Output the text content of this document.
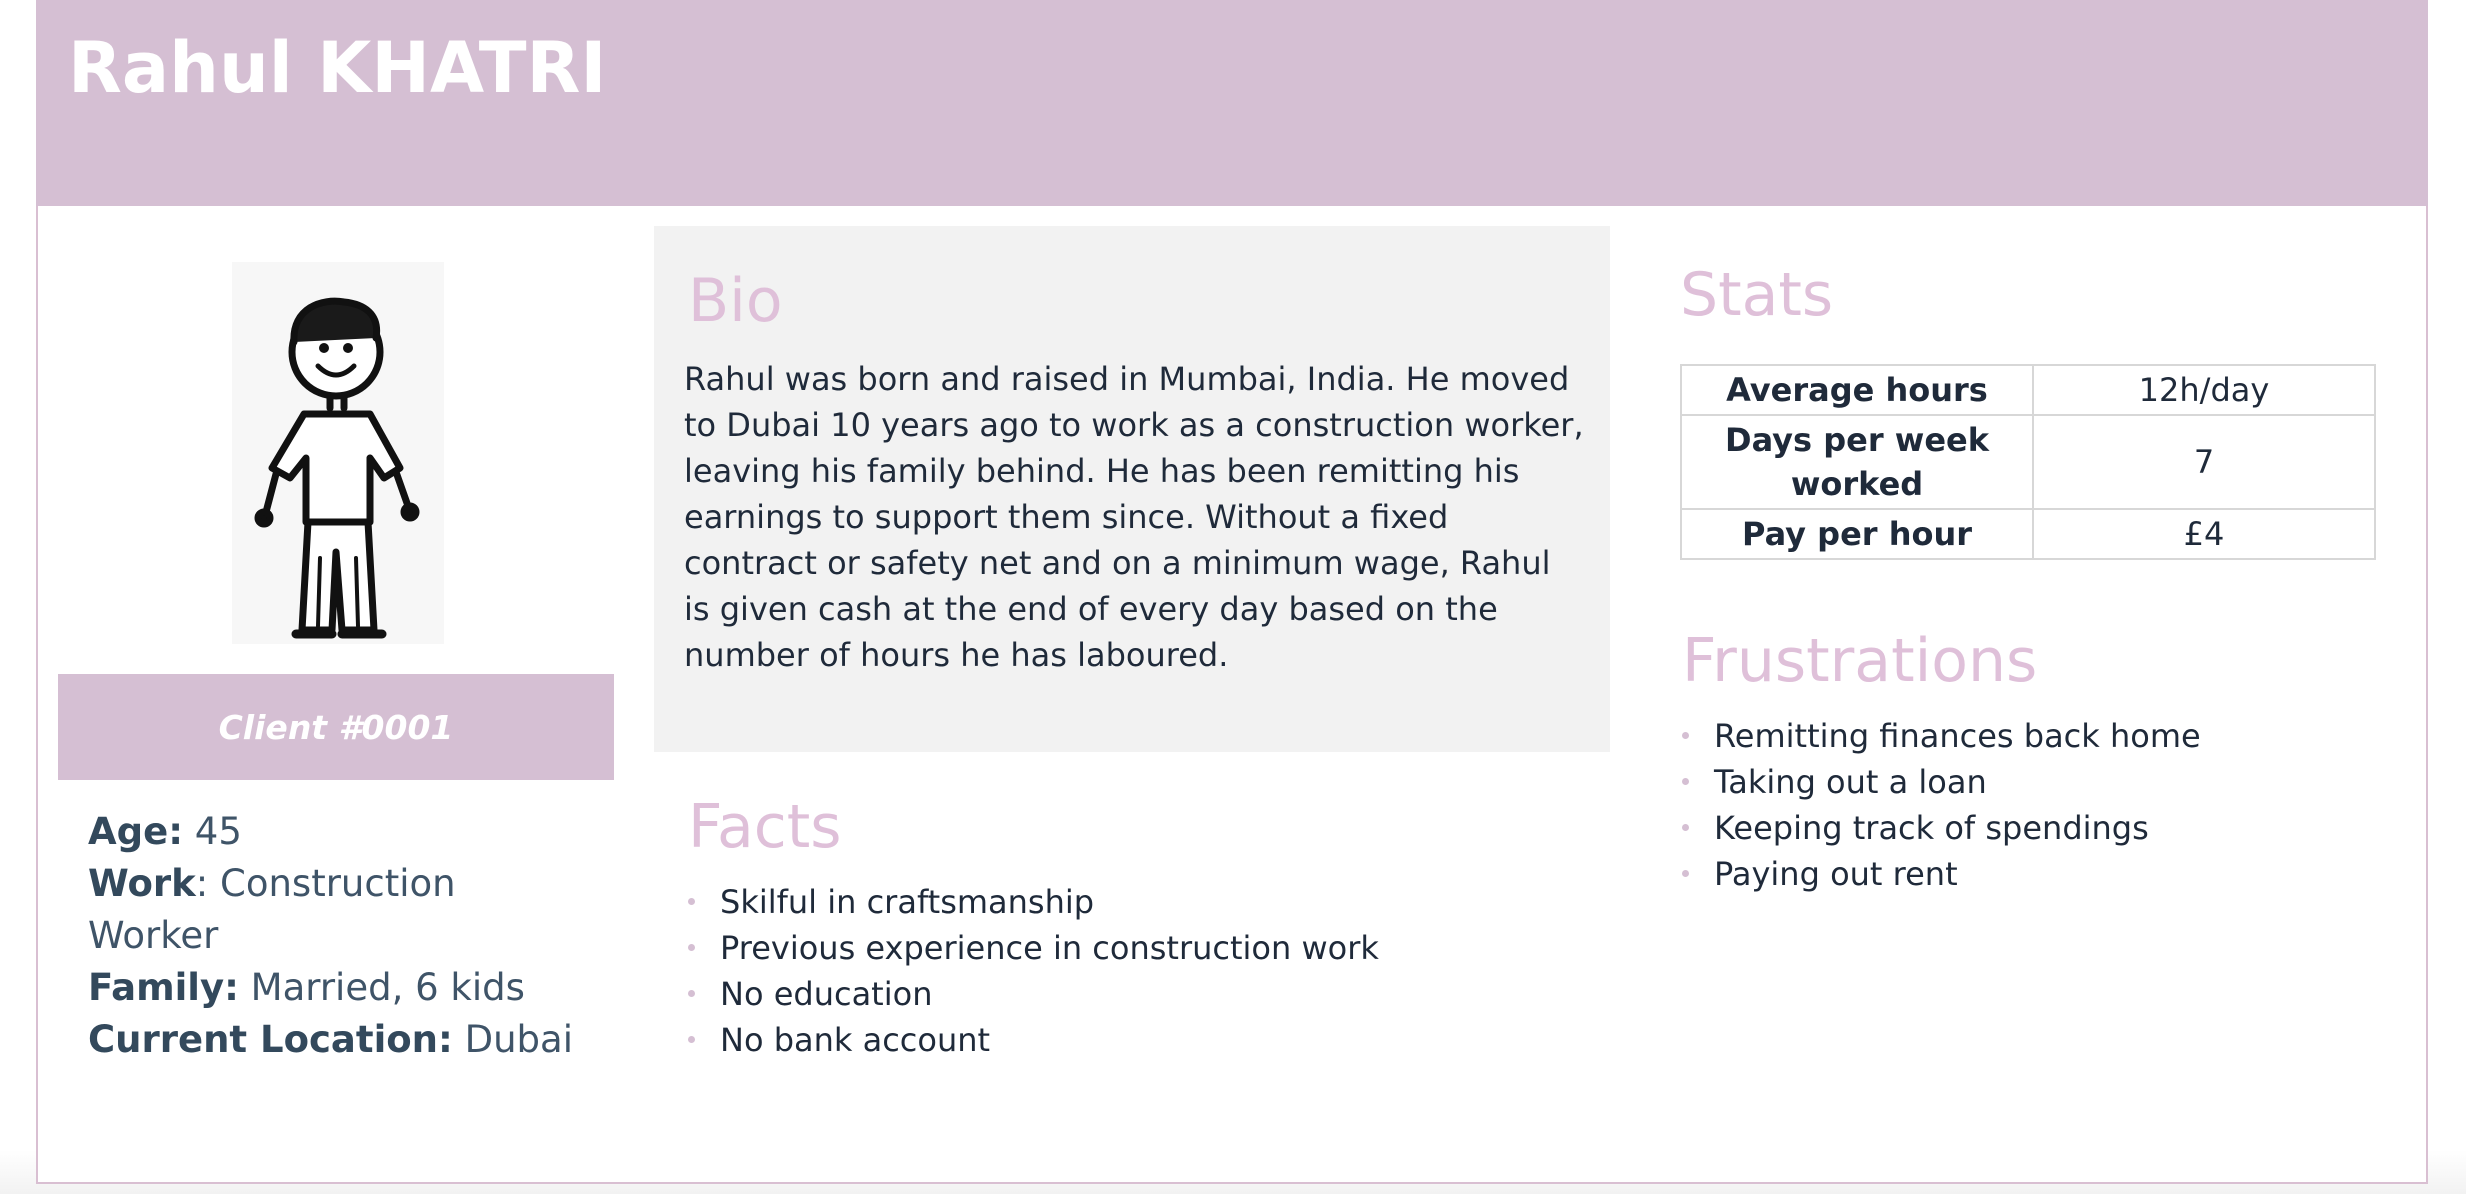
Rahul KHATRI
Client #0001
Age: 45
Work: Construction Worker
Family: Married, 6 kids
Current Location: Dubai
Bio

Rahul was born and raised in Mumbai, India. He moved to Dubai 10 years ago to work as a construction worker, leaving his family behind. He has been remitting his earnings to support them since. Without a fixed contract or safety net and on a minimum wage, Rahul is given cash at the end of every day based on the number of hours he has laboured.

Facts
Skilful in craftsmanship
Previous experience in construction work
No education
No bank account
Stats
Average hours	12h/day
Days per week worked	7
Pay per hour	£4
Frustrations
Remitting finances back home
Taking out a loan
Keeping track of spendings
Paying out rent
